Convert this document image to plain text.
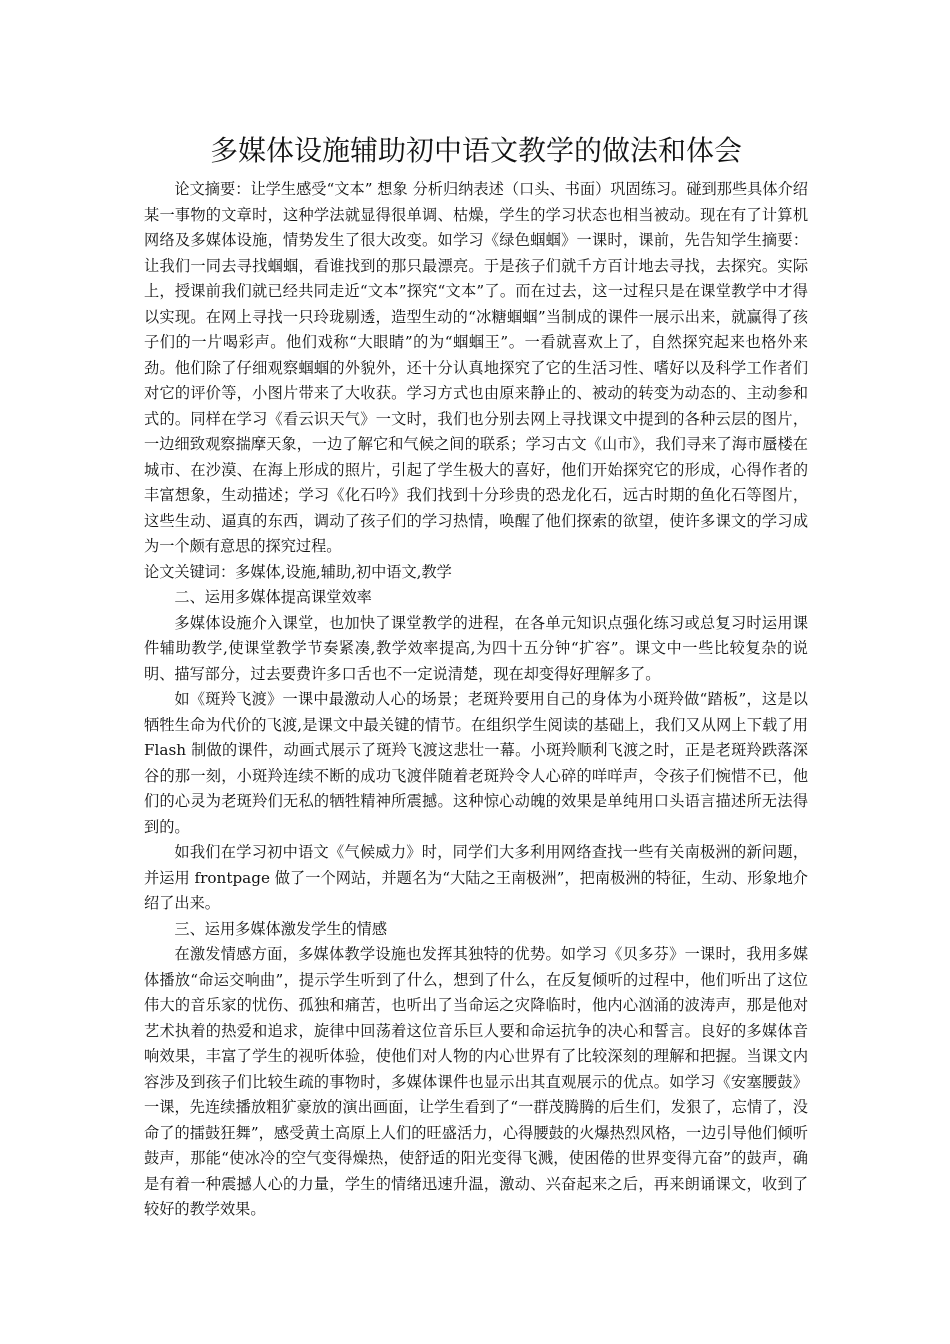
多媒体设施辅助初中语文教学的做法和体会

论文摘要：让学生感受“文本” 想象 分析归纳表述（口头、书面）巩固练习。碰到那些具体介绍某一事物的文章时，这种学法就显得很单调、枯燥，学生的学习状态也相当被动。现在有了计算机网络及多媒体设施，情势发生了很大改变。如学习《绿色蝈蝈》一课时，课前，先告知学生摘要：让我们一同去寻找蝈蝈，看谁找到的那只最漂亮。于是孩子们就千方百计地去寻找，去探究。实际上，授课前我们就已经共同走近“文本”探究“文本”了。而在过去，这一过程只是在课堂教学中才得以实现。在网上寻找一只玲珑剔透，造型生动的“冰糖蝈蝈”当制成的课件一展示出来，就赢得了孩子们的一片喝彩声。他们戏称“大眼睛”的为“蝈蝈王”。一看就喜欢上了，自然探究起来也格外来劲。他们除了仔细观察蝈蝈的外貌外，还十分认真地探究了它的生活习性、嗜好以及科学工作者们对它的评价等，小图片带来了大收获。学习方式也由原来静止的、被动的转变为动态的、主动参和式的。同样在学习《看云识天气》一文时，我们也分别去网上寻找课文中提到的各种云层的图片，一边细致观察揣摩天象，一边了解它和气候之间的联系；学习古文《山市》，我们寻来了海市蜃楼在城市、在沙漠、在海上形成的照片，引起了学生极大的喜好，他们开始探究它的形成，心得作者的丰富想象，生动描述；学习《化石吟》我们找到十分珍贵的恐龙化石，远古时期的鱼化石等图片，这些生动、逼真的东西，调动了孩子们的学习热情，唤醒了他们探索的欲望，使许多课文的学习成为一个颇有意思的探究过程。

论文关键词：多媒体,设施,辅助,初中语文,教学

二、运用多媒体提高课堂效率

多媒体设施介入课堂，也加快了课堂教学的进程，在各单元知识点强化练习或总复习时运用课件辅助教学,使课堂教学节奏紧凑,教学效率提高,为四十五分钟“扩容”。课文中一些比较复杂的说明、描写部分，过去要费许多口舌也不一定说清楚，现在却变得好理解多了。

如《斑羚飞渡》一课中最激动人心的场景；老斑羚要用自己的身体为小斑羚做“踏板”，这是以牺牲生命为代价的飞渡,是课文中最关键的情节。在组织学生阅读的基础上，我们又从网上下载了用 Flash 制做的课件，动画式展示了斑羚飞渡这悲壮一幕。小斑羚顺利飞渡之时，正是老斑羚跌落深谷的那一刻，小斑羚连续不断的成功飞渡伴随着老斑羚令人心碎的咩咩声，令孩子们惋惜不已，他们的心灵为老斑羚们无私的牺牲精神所震撼。这种惊心动魄的效果是单纯用口头语言描述所无法得到的。

如我们在学习初中语文《气候威力》时，同学们大多利用网络查找一些有关南极洲的新问题，并运用 frontpage 做了一个网站，并题名为“大陆之王南极洲”，把南极洲的特征，生动、形象地介绍了出来。

三、运用多媒体激发学生的情感

在激发情感方面，多媒体教学设施也发挥其独特的优势。如学习《贝多芬》一课时，我用多媒体播放“命运交响曲”，提示学生听到了什么，想到了什么，在反复倾听的过程中，他们听出了这位伟大的音乐家的忧伤、孤独和痛苦，也听出了当命运之灾降临时，他内心汹涌的波涛声，那是他对艺术执着的热爱和追求，旋律中回荡着这位音乐巨人要和命运抗争的决心和誓言。良好的多媒体音响效果，丰富了学生的视听体验，使他们对人物的内心世界有了比较深刻的理解和把握。当课文内容涉及到孩子们比较生疏的事物时，多媒体课件也显示出其直观展示的优点。如学习《安塞腰鼓》一课，先连续播放粗犷豪放的演出画面，让学生看到了“一群茂腾腾的后生们，发狠了，忘情了，没命了的擂鼓狂舞”，感受黄土高原上人们的旺盛活力，心得腰鼓的火爆热烈风格，一边引导他们倾听鼓声，那能“使冰冷的空气变得燥热，使舒适的阳光变得飞溅，使困倦的世界变得亢奋”的鼓声，确是有着一种震撼人心的力量，学生的情绪迅速升温，激动、兴奋起来之后，再来朗诵课文，收到了较好的教学效果。
